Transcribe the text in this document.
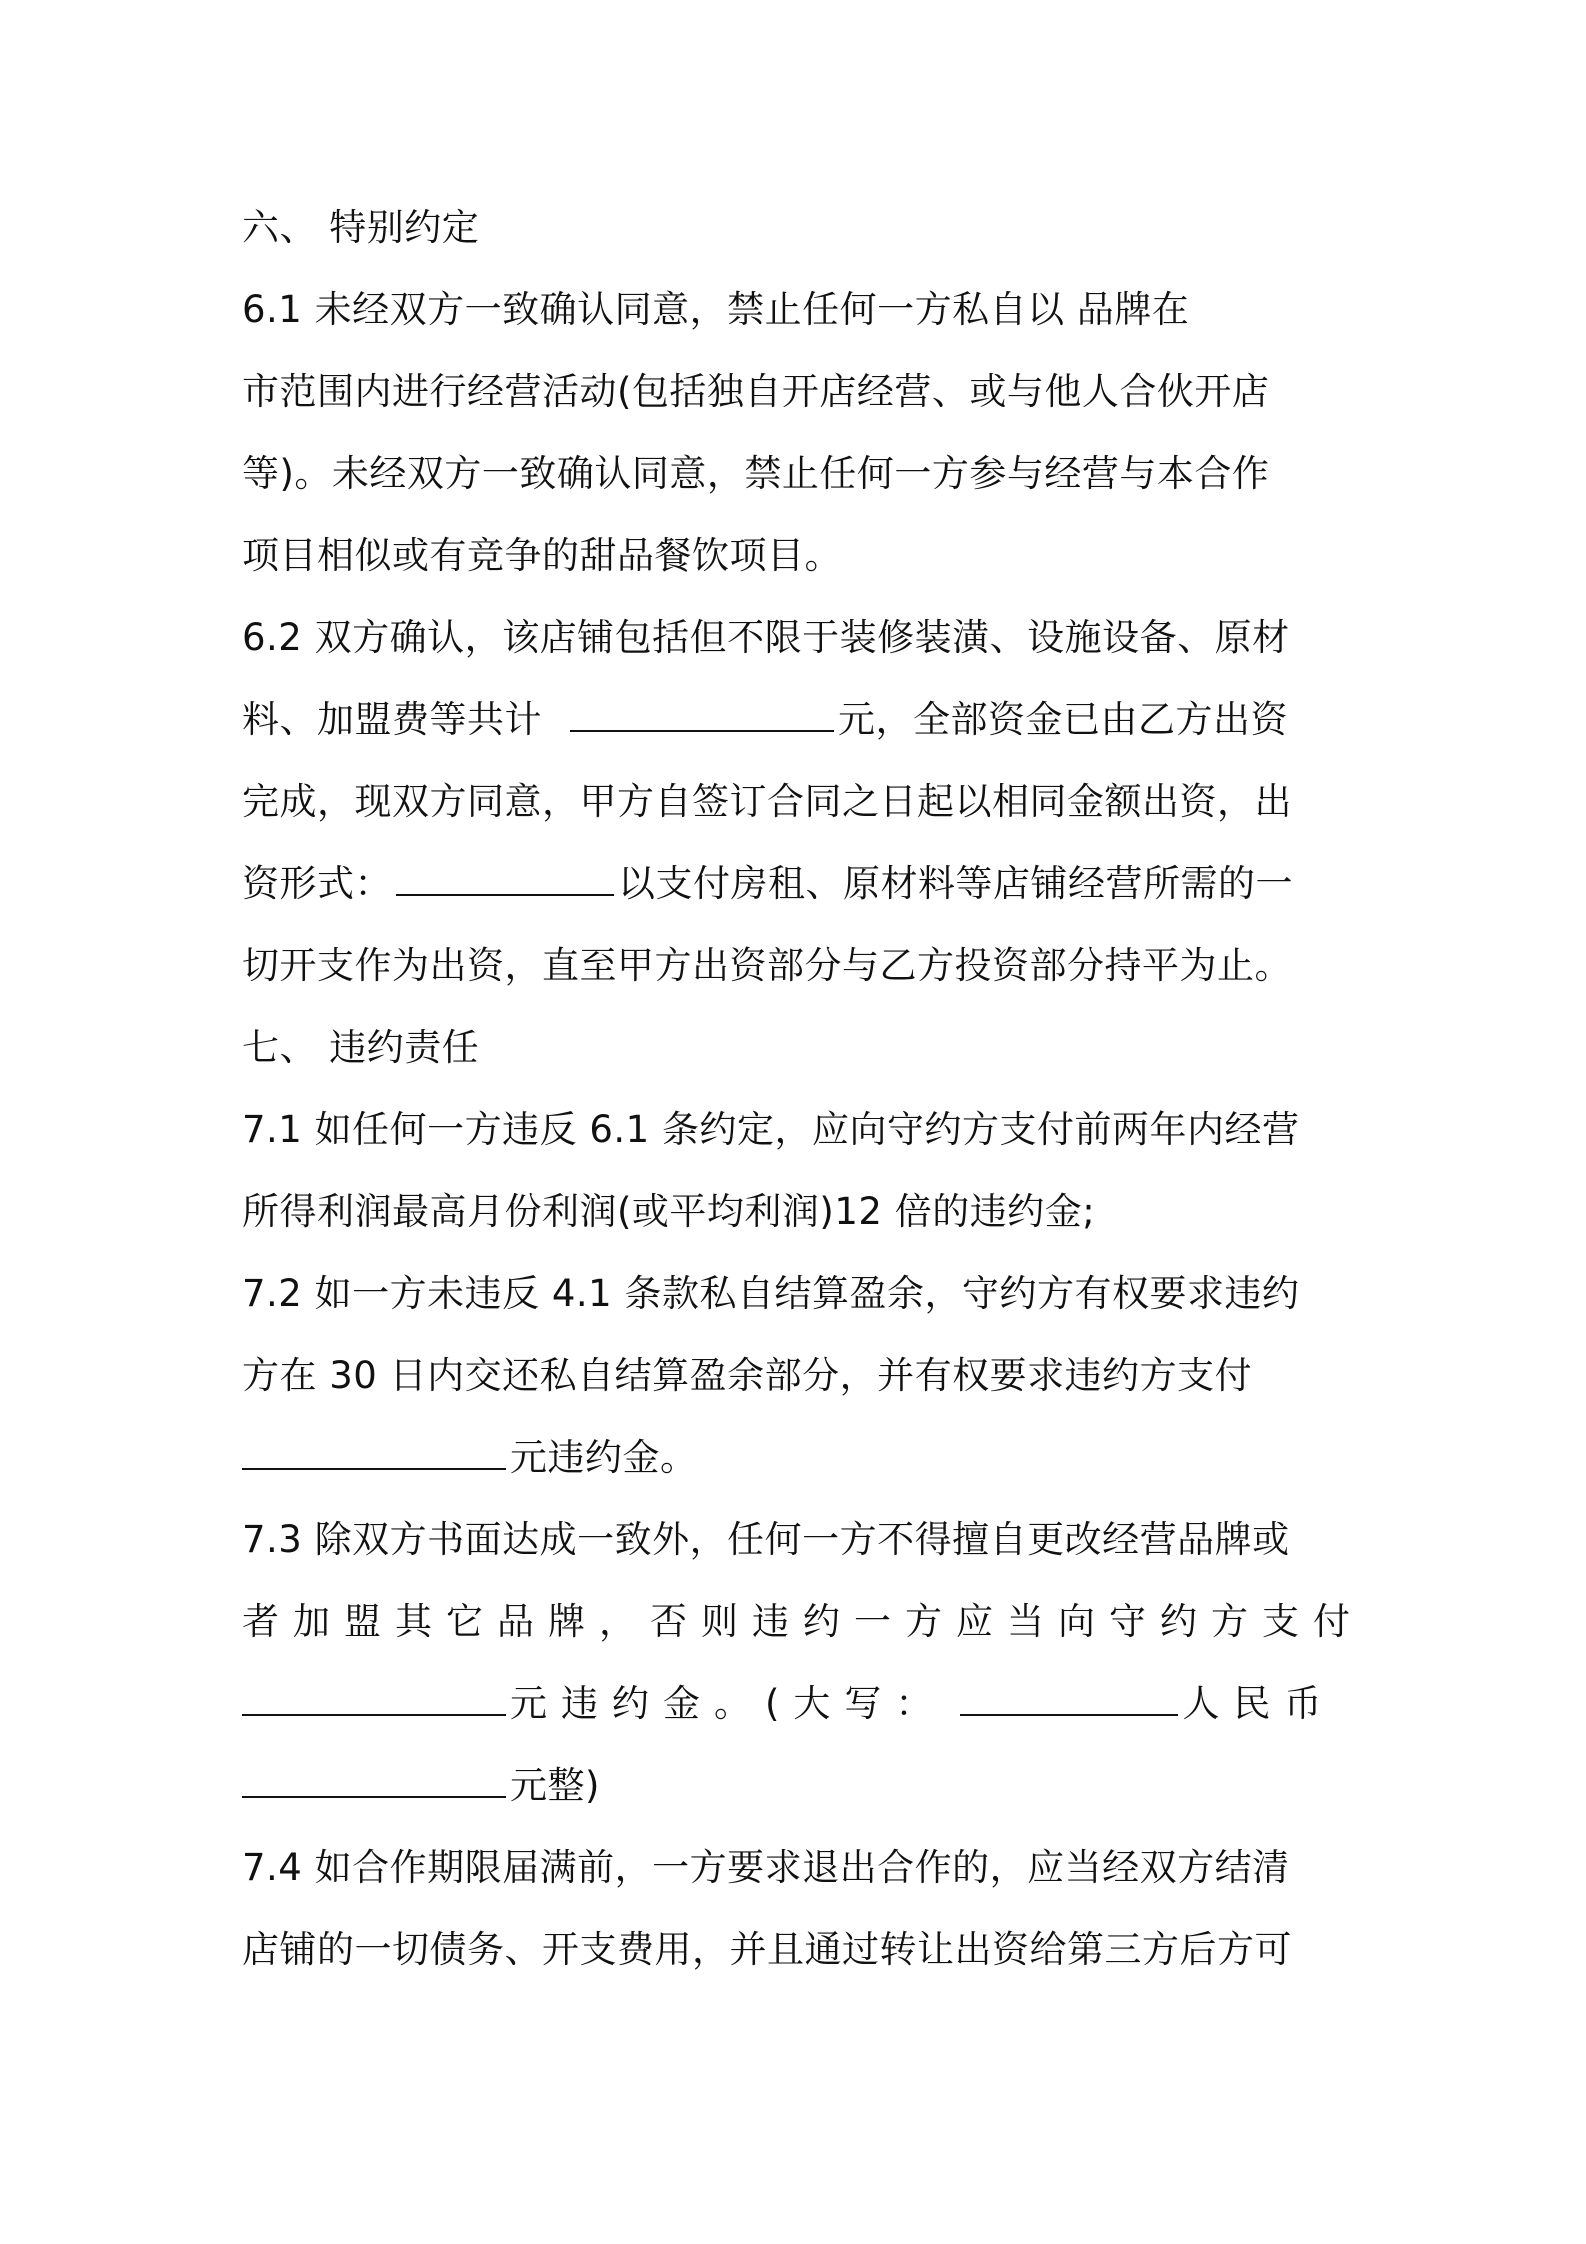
六、 特别约定
6.1 未经双方一致确认同意，禁止任何一方私自以 品牌在
市范围内进行经营活动(包括独自开店经营、或与他人合伙开店
等)。未经双方一致确认同意，禁止任何一方参与经营与本合作
项目相似或有竞争的甜品餐饮项目。
6.2 双方确认，该店铺包括但不限于装修装潢、设施设备、原材
料、加盟费等共计	元，全部资金已由乙方出资
完成，现双方同意，甲方自签订合同之日起以相同金额出资，出
资形式：	以支付房租、原材料等店铺经营所需的一
切开支作为出资，直至甲方出资部分与乙方投资部分持平为止。
七、 违约责任
7.1 如任何一方违反 6.1 条约定，应向守约方支付前两年内经营
所得利润最高月份利润(或平均利润)12 倍的违约金;
7.2 如一方未违反 4.1 条款私自结算盈余，守约方有权要求违约
方在 30 日内交还私自结算盈余部分，并有权要求违约方支付
元违约金。
7.3 除双方书面达成一致外，任何一方不得擅自更改经营品牌或
者加盟其它品牌，否则违约一方应当向守约方支付
元违约金。(大写：	人民币
元整)
7.4 如合作期限届满前，一方要求退出合作的，应当经双方结清
店铺的一切债务、开支费用，并且通过转让出资给第三方后方可
